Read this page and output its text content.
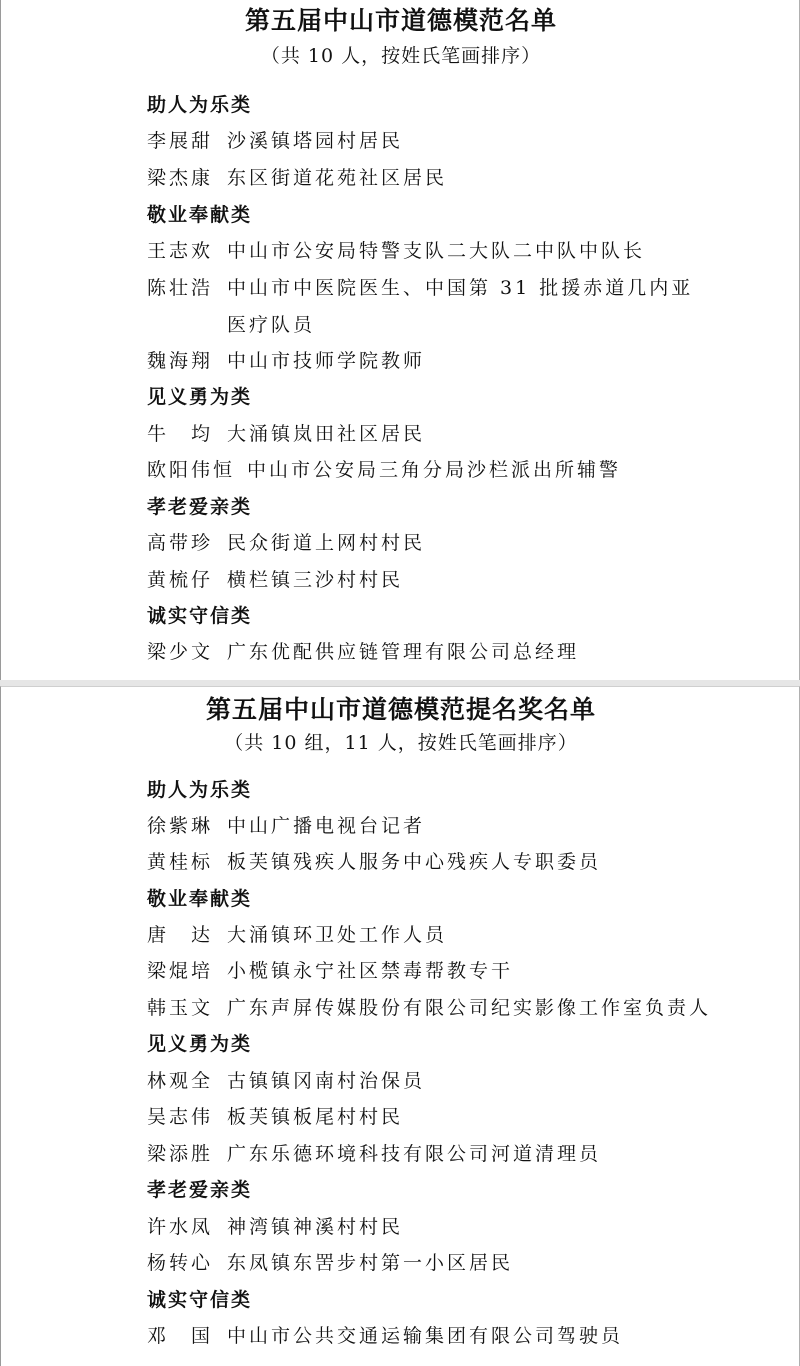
第五届中山市道德模范名单
（共 10 人，按姓氏笔画排序）
助人为乐类
李展甜 沙溪镇塔园村居民
梁杰康 东区街道花苑社区居民
敬业奉献类
王志欢 中山市公安局特警支队二大队二中队中队长
陈壮浩 中山市中医院医生、中国第 31 批援赤道几内亚
医疗队员
魏海翔 中山市技师学院教师
见义勇为类
牛　均 大涌镇岚田社区居民
欧阳伟恒 中山市公安局三角分局沙栏派出所辅警
孝老爱亲类
高带珍 民众街道上网村村民
黄梳仔 横栏镇三沙村村民
诚实守信类
梁少文 广东优配供应链管理有限公司总经理
第五届中山市道德模范提名奖名单
（共 10 组，11 人，按姓氏笔画排序）
助人为乐类
徐紫琳 中山广播电视台记者
黄桂标 板芙镇残疾人服务中心残疾人专职委员
敬业奉献类
唐　达 大涌镇环卫处工作人员
梁焜培 小榄镇永宁社区禁毒帮教专干
韩玉文 广东声屏传媒股份有限公司纪实影像工作室负责人
见义勇为类
林观全 古镇镇冈南村治保员
吴志伟 板芙镇板尾村村民
梁添胜 广东乐德环境科技有限公司河道清理员
孝老爱亲类
许水凤 神湾镇神溪村村民
杨转心 东凤镇东罟步村第一小区居民
诚实守信类
邓　国 中山市公共交通运输集团有限公司驾驶员
